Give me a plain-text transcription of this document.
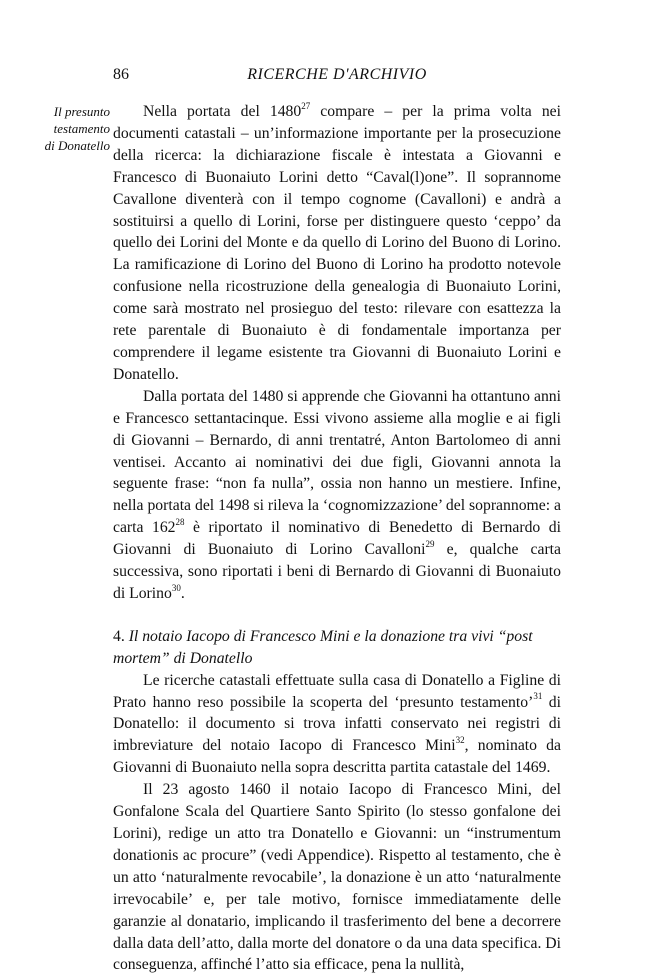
86	RICERCHE D'ARCHIVIO
Il presunto
testamento
di Donatello

Nella portata del 1480$^{27}$ compare – per la prima volta nei documenti catastali – un’informazione importante per la prosecuzione della ricerca: la dichiarazione fiscale è intestata a Giovanni e Francesco di Buonaiuto Lorini detto “Caval(l)one”. Il soprannome Cavallone diventerà con il tempo cognome (Cavalloni) e andrà a sostituirsi a quello di Lorini, forse per distinguere questo ‘ceppo’ da quello dei Lorini del Monte e da quello di Lorino del Buono di Lorino. La ramificazione di Lorino del Buono di Lorino ha prodotto notevole confusione nella ricostruzione della genealogia di Buonaiuto Lorini, come sarà mostrato nel prosieguo del testo: rilevare con esattezza la rete parentale di Buonaiuto è di fondamentale importanza per comprendere il legame esistente tra Giovanni di Buonaiuto Lorini e Donatello.

Dalla portata del 1480 si apprende che Giovanni ha ottantuno anni e Francesco settantacinque. Essi vivono assieme alla moglie e ai figli di Giovanni – Bernardo, di anni trentatré, Anton Bartolomeo di anni ventisei. Accanto ai nominativi dei due figli, Giovanni annota la seguente frase: “non fa nulla”, ossia non hanno un mestiere. Infine, nella portata del 1498 si rileva la ‘cognomizzazione’ del soprannome: a carta $162^{28}$ è riportato il nominativo di Benedetto di Bernardo di Giovanni di Buonaiuto di Lorino Cavalloni$^{29}$ e, qualche carta successiva, sono riportati i beni di Bernardo di Giovanni di Buonaiuto di Lorino$^{30}$.

4. Il notaio Iacopo di Francesco Mini e la donazione tra vivi “post mortem” di Donatello

Le ricerche catastali effettuate sulla casa di Donatello a Figline di Prato hanno reso possibile la scoperta del ‘presunto testamento’$^{31}$ di Donatello: il documento si trova infatti conservato nei registri di imbreviature del notaio Iacopo di Francesco Mini$^{32}$, nominato da Giovanni di Buonaiuto nella sopra descritta partita catastale del 1469.

Il 23 agosto 1460 il notaio Iacopo di Francesco Mini, del Gonfalone Scala del Quartiere Santo Spirito (lo stesso gonfalone dei Lorini), redige un atto tra Donatello e Giovanni: un “instrumentum donationis ac procure” (vedi Appendice). Rispetto al testamento, che è un atto ‘naturalmente revocabile’, la donazione è un atto ‘naturalmente irrevocabile’ e, per tale motivo, fornisce immediatamente delle garanzie al donatario, implicando il trasferimento del bene a decorrere dalla data dell’atto, dalla morte del donatore o da una data specifica. Di conseguenza, affinché l’atto sia efficace, pena la nullità,
